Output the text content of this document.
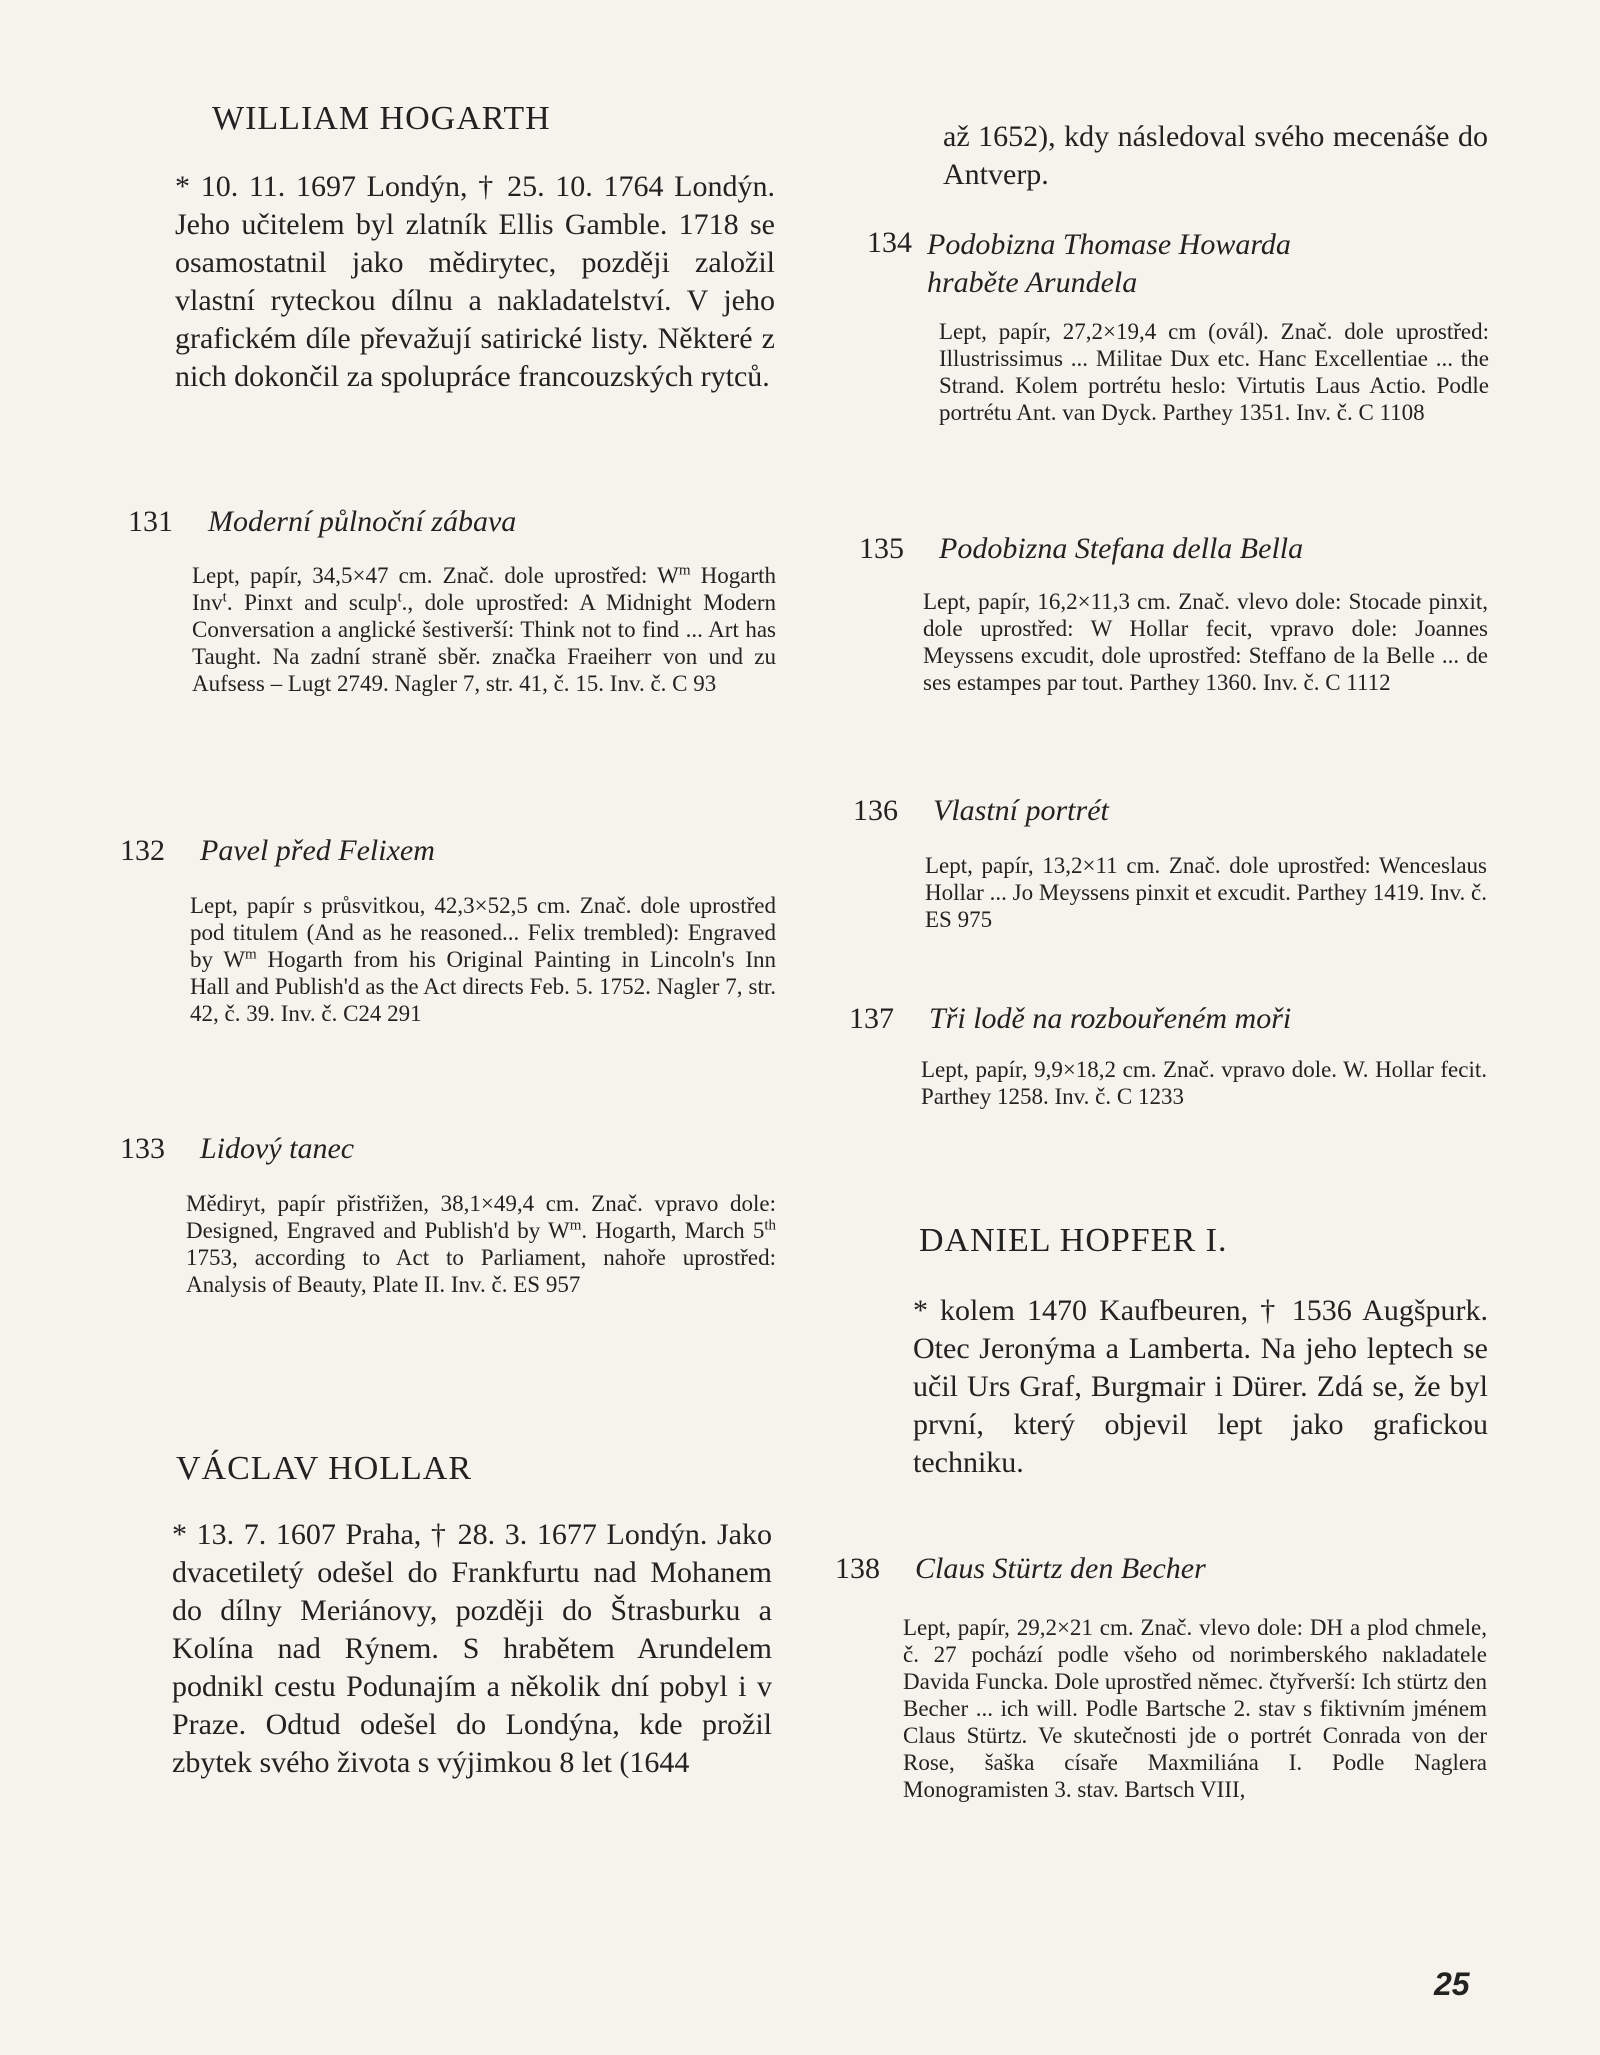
WILLIAM HOGARTH
* 10. 11. 1697 Londýn, † 25. 10. 1764 Londýn. Jeho učitelem byl zlatník Ellis Gamble. 1718 se osamostatnil jako mědirytec, později založil vlastní ryteckou dílnu a nakladatelství. V jeho grafickém díle převažují satirické listy. Některé z nich dokončil za spolupráce francouzských rytců.
131 Moderní půlnoční zábava
Lept, papír, 34,5×47 cm. Znač. dole uprostřed: $W^m$ Hogarth Inv$^t$. Pinxt and sculp$^t$., dole uprostřed: A Midnight Modern Conversation a anglické šestiverší: Think not to find ... Art has Taught. Na zadní straně sběr. značka Fraeiherr von und zu Aufsess – Lugt 2749. Nagler 7, str. 41, č. 15. Inv. č. C 93
132 Pavel před Felixem
Lept, papír s průsvitkou, 42,3×52,5 cm. Znač. dole uprostřed pod titulem (And as he reasoned... Felix trembled): Engraved by $W^m$ Hogarth from his Original Painting in Lincoln's Inn Hall and Publish'd as the Act directs Feb. 5. 1752. Nagler 7, str. 42, č. 39. Inv. č. C24 291
133 Lidový tanec
Mědiryt, papír přistřižen, 38,1×49,4 cm. Znač. vpravo dole: Designed, Engraved and Publish'd by $W^m$. Hogarth, March 5th 1753, according to Act to Parliament, nahoře uprostřed: Analysis of Beauty, Plate II. Inv. č. ES 957
VÁCLAV HOLLAR
* 13. 7. 1607 Praha, † 28. 3. 1677 Londýn. Jako dvacetiletý odešel do Frankfurtu nad Mohanem do dílny Meriánovy, později do Štrasburku a Kolína nad Rýnem. S hrabětem Arundelem podnikl cestu Podunajím a několik dní pobyl i v Praze. Odtud odešel do Londýna, kde prožil zbytek svého života s výjimkou 8 let (1644
až 1652), kdy následoval svého mecenáše do Antverp.
134 Podobizna Thomase Howarda hraběte Arundela
Lept, papír, 27,2×19,4 cm (ovál). Znač. dole uprostřed: Illustrissimus ... Militae Dux etc. Hanc Excellentiae ... the Strand. Kolem portrétu heslo: Virtutis Laus Actio. Podle portrétu Ant. van Dyck. Parthey 1351. Inv. č. C 1108
135 Podobizna Stefana della Bella
Lept, papír, 16,2×11,3 cm. Znač. vlevo dole: Stocade pinxit, dole uprostřed: W Hollar fecit, vpravo dole: Joannes Meyssens excudit, dole uprostřed: Steffano de la Belle ... de ses estampes par tout. Parthey 1360. Inv. č. C 1112
136 Vlastní portrét
Lept, papír, 13,2×11 cm. Znač. dole uprostřed: Wenceslaus Hollar ... Jo Meyssens pinxit et excudit. Parthey 1419. Inv. č. ES 975
137 Tři lodě na rozbouřeném moři
Lept, papír, 9,9×18,2 cm. Znač. vpravo dole. W. Hollar fecit. Parthey 1258. Inv. č. C 1233
DANIEL HOPFER I.
* kolem 1470 Kaufbeuren, † 1536 Augšpurk. Otec Jeronýma a Lamberta. Na jeho leptech se učil Urs Graf, Burgmair i Dürer. Zdá se, že byl první, který objevil lept jako grafickou techniku.
138 Claus Stürtz den Becher
Lept, papír, 29,2×21 cm. Znač. vlevo dole: DH a plod chmele, č. 27 pochází podle všeho od norimberského nakladatele Davida Funcka. Dole uprostřed němec. čtyřverší: Ich stürtz den Becher ... ich will. Podle Bartsche 2. stav s fiktivním jménem Claus Stürtz. Ve skutečnosti jde o portrét Conrada von der Rose, šaška císaře Maxmiliána I. Podle Naglera Monogramisten 3. stav. Bartsch VIII,
25
